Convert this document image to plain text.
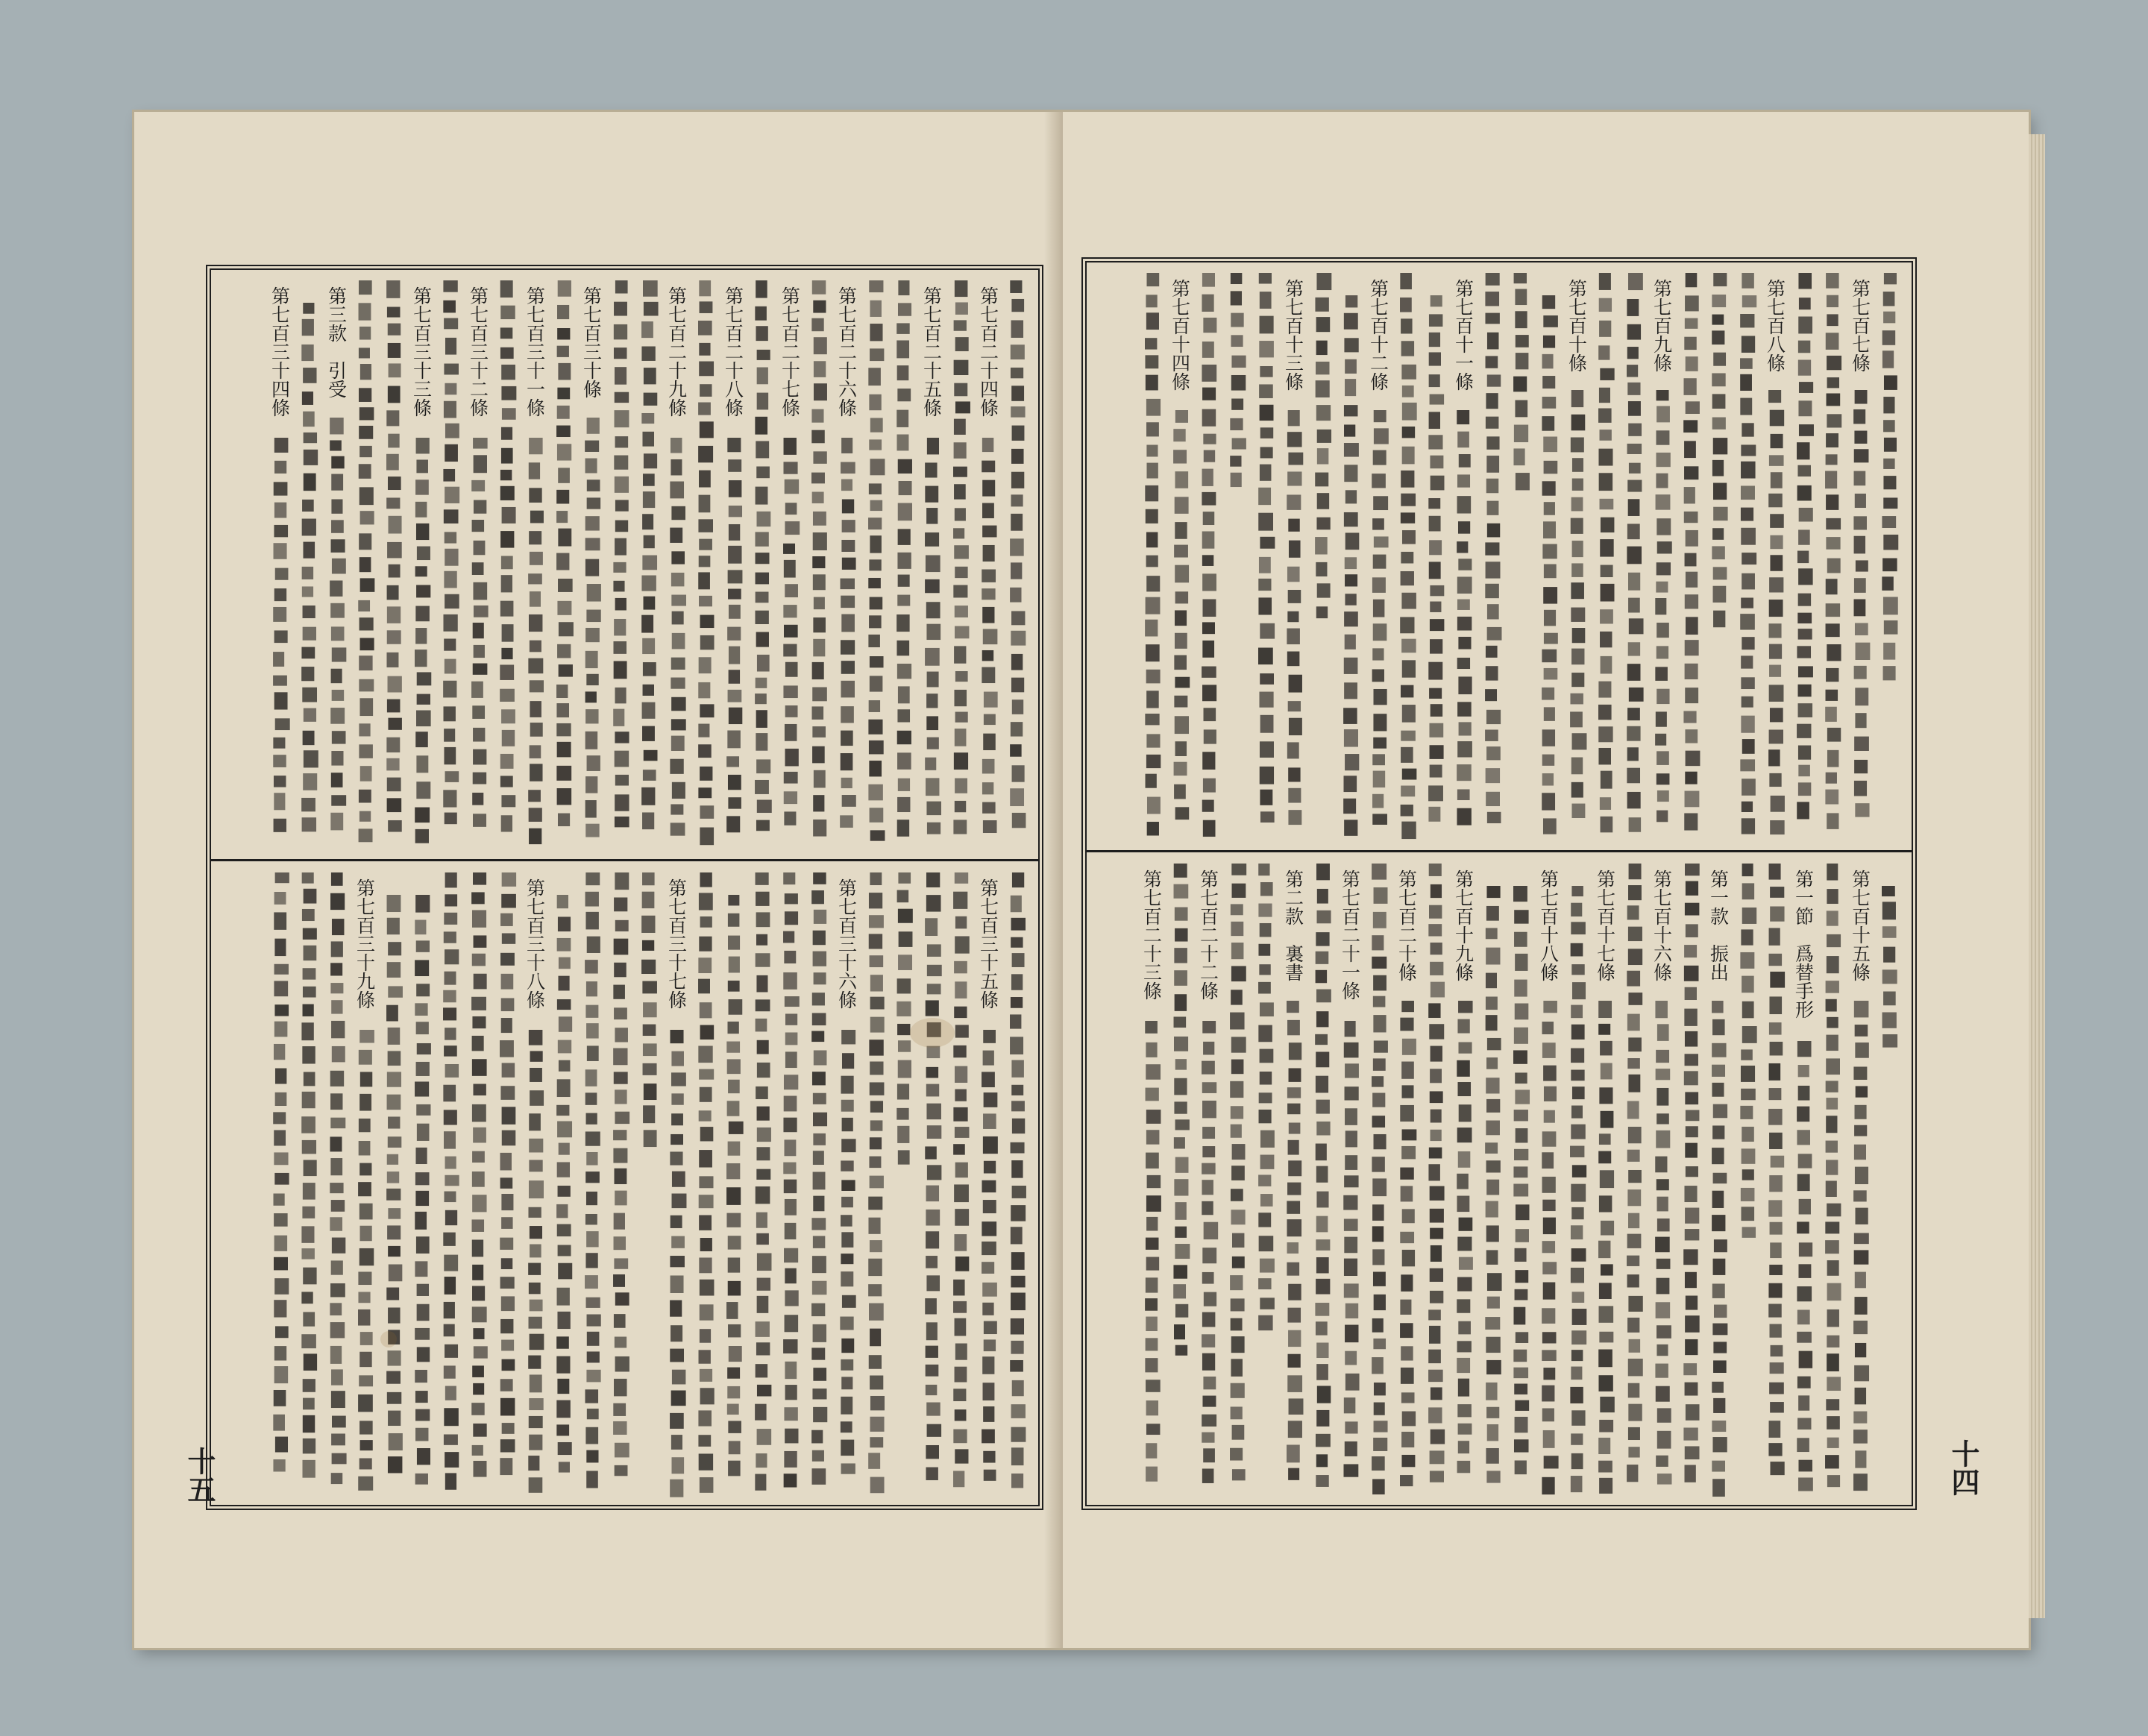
第七百二十四條
第七百二十五條
第七百二十六條
第七百二十七條
第七百二十八條
第七百二十九條
第七百三十條
第七百三十一條
第七百三十二條
第七百三十三條
第三款　引受
第七百三十四條
第七百三十五條
第七百三十六條
第七百三十七條
第七百三十八條
第七百三十九條
十五
第七百七條
第七百八條
第七百九條
第七百十條
第七百十一條
第七百十二條
第七百十三條
第七百十四條
第七百十五條
第一節　爲替手形
第一款　振出
第七百十六條
第七百十七條
第七百十八條
第七百十九條
第七百二十條
第七百二十一條
第二款　裏書
第七百二十二條
第七百二十三條
十四
